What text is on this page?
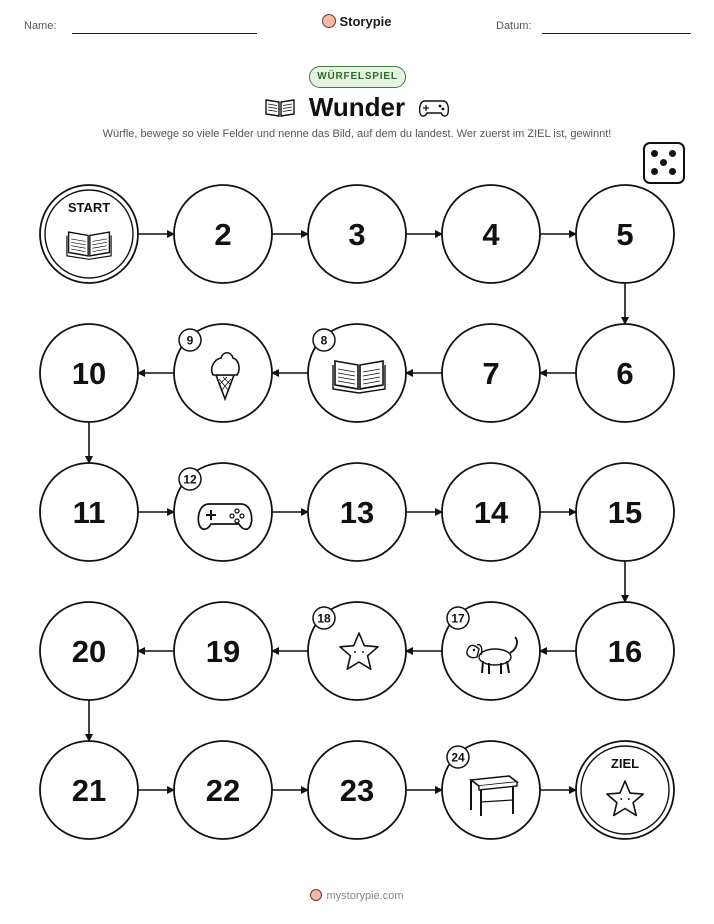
Name:	Storypie	Datum:
WÜRFELSPIEL
Wunder
Würfle, bewege so viele Felder und nenne das Bild, auf dem du landest. Wer zuerst im ZIEL ist, gewinnt!
START
2	3	4	5
10
9	8
7	6
11
12
13	14	15
20	19
18	17
16
21	22	23
24	ZIEL
mystorypie.com
